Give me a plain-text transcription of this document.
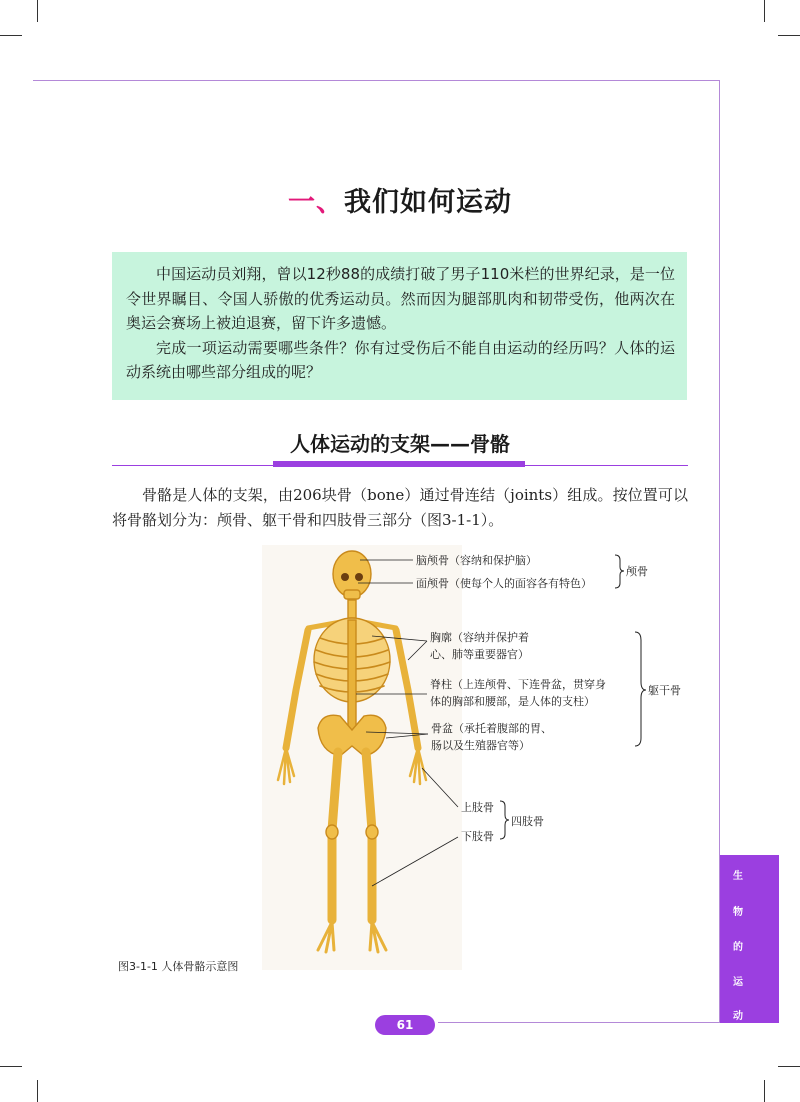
一、我们如何运动

中国运动员刘翔，曾以12秒88的成绩打破了男子110米栏的世界纪录，是一位令世界瞩目、令国人骄傲的优秀运动员。然而因为腿部肌肉和韧带受伤，他两次在奥运会赛场上被迫退赛，留下许多遗憾。

完成一项运动需要哪些条件？你有过受伤后不能自由运动的经历吗？人体的运动系统由哪些部分组成的呢？

人体运动的支架——骨骼

骨骼是人体的支架，由206块骨（bone）通过骨连结（joints）组成。按位置可以将骨骼划分为：颅骨、躯干骨和四肢骨三部分（图3-1-1）。

脑颅骨（容纳和保护脑）
面颅骨（使每个人的面容各有特色）
颅骨
胸廓（容纳并保护着
心、肺等重要器官）
脊柱（上连颅骨、下连骨盆，贯穿身
体的胸部和腰部，是人体的支柱）
躯干骨
骨盆（承托着腹部的胃、
肠以及生殖器官等）
上肢骨
下肢骨
四肢骨
图3-1-1 人体骨骼示意图
生
物
的
运
动
61
